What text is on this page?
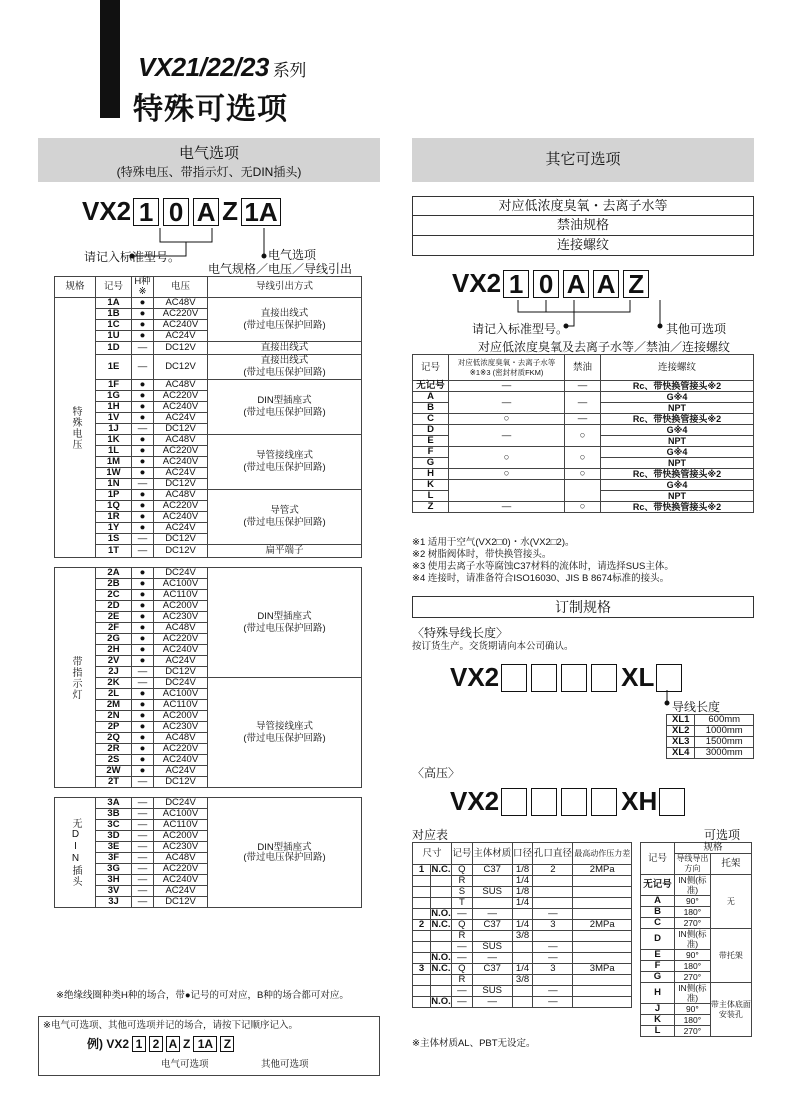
VX21/22/23 系列
特殊可选项
电气选项
(特殊电压、带指示灯、无DIN插头)
VX2 1 0 A Z 1A
请记入标准型号。	电气选项
电气规格／电压／导线引出
规格	记号	H种※	电压	导线引出方式
特殊电压	1A	●	AC48V	直接出线式
(带过电压保护回路)
	1B	●	AC220V	
	1C	●	AC240V	
	1U	●	AC24V	
	1D	—	DC12V	直接出线式
	1E	—	DC12V	直接出线式
(带过电压保护回路)
	1F	●	AC48V	DIN型插座式
(带过电压保护回路)
	1G	●	AC220V	
	1H	●	AC240V	
	1V	●	AC24V	
	1J	—	DC12V	
	1K	●	AC48V	导管接线座式
(带过电压保护回路)
	1L	●	AC220V	
	1M	●	AC240V	
	1W	●	AC24V	
	1N	—	DC12V	
	1P	●	AC48V	导管式
(带过电压保护回路)
	1Q	●	AC220V	
	1R	●	AC240V	
	1Y	●	AC24V	
	1S	—	DC12V	
	1T	—	DC12V	扁平端子

带指示灯	2A	●	DC24V	DIN型插座式
(带过电压保护回路)
	2B	●	AC100V	
	2C	●	AC110V	
	2D	●	AC200V	
	2E	●	AC230V	
	2F	●	AC48V	
	2G	●	AC220V	
	2H	●	AC240V	
	2V	●	AC24V	
	2J	—	DC12V	
	2K	—	DC24V	导管接线座式
(带过电压保护回路)
	2L	●	AC100V	
	2M	●	AC110V	
	2N	●	AC200V	
	2P	●	AC230V	
	2Q	●	AC48V	
	2R	●	AC220V	
	2S	●	AC240V	
	2W	●	AC24V	
	2T	—	DC12V	

无DIN插头	3A	—	DC24V	DIN型插座式
(带过电压保护回路)
	3B	—	AC100V	
	3C	—	AC110V	
	3D	—	AC200V	
	3E	—	AC230V	
	3F	—	AC48V	
	3G	—	AC220V	
	3H	—	AC240V	
	3V	—	AC24V	
	3J	—	DC12V	
※绝缘线圈种类H种的场合，带●记号的可对应，B种的场合都可对应。
※电气可选项、其他可选项并记的场合，请按下记顺序记入。
例) VX2 1 2 A Z 1A Z
电气可选项	其他可选项
其它可选项
对应低浓度臭氧・去离子水等
禁油规格
连接螺纹
VX2 1 0 A A Z
请记入标准型号。	其他可选项
对应低浓度臭氧及去离子水等／禁油／连接螺纹
记号	对应低浓度臭氧・去离子水等※1※3 (密封材质FKM)	禁油	连接螺纹
无记号	—	—	Rc、带快换管接头※2
A	—	—	G※4
B			NPT
C	○	—	Rc、带快换管接头※2
D	—	○	G※4
E			NPT
F	○	○	G※4
G			NPT
H	○	○	Rc、带快换管接头※2
K			G※4
L			NPT
Z	—	○	Rc、带快换管接头※2
※1 适用于空气(VX2□0)・水(VX2□2)。
※2 树脂阀体时，带快换管接头。
※3 使用去离子水等腐蚀C37材料的流体时，请选择SUS主体。
※4 连接时，请准备符合ISO16030、JIS B 8674标准的接头。
订制规格
〈特殊导线长度〉
按订货生产。交货期请向本公司确认。
VX2	XL
导线长度
XL1	600mm
XL2	1000mm
XL3	1500mm
XL4	3000mm
〈高压〉
VX2	XH
对应表	可选项
尺寸		记号	主体材质	口径	孔口直径	最高动作压力差
1	N.C.	Q	C37	1/8	2	2MPa
		R		1/4		
		S	SUS	1/8		
		T		1/4		
	N.O.	—	—		—	
2	N.C.	Q	C37	1/4	3	2MPa
		R		3/8		
		—	SUS		—	
	N.O.	—	—		—	
3	N.C.	Q	C37	1/4	3	3MPa
		R		3/8		
		—	SUS		—	
	N.O.	—	—		—	
※主体材质AL、PBT无设定。
记号	规格	
	导线导出方向	托架
无记号	IN侧(标准)	无
A	90°	
B	180°	
C	270°	
D	IN侧(标准)	带托架
E	90°	
F	180°	
G	270°	
H	IN侧(标准)	带主体底面安装孔
J	90°	
K	180°	
L	270°	
